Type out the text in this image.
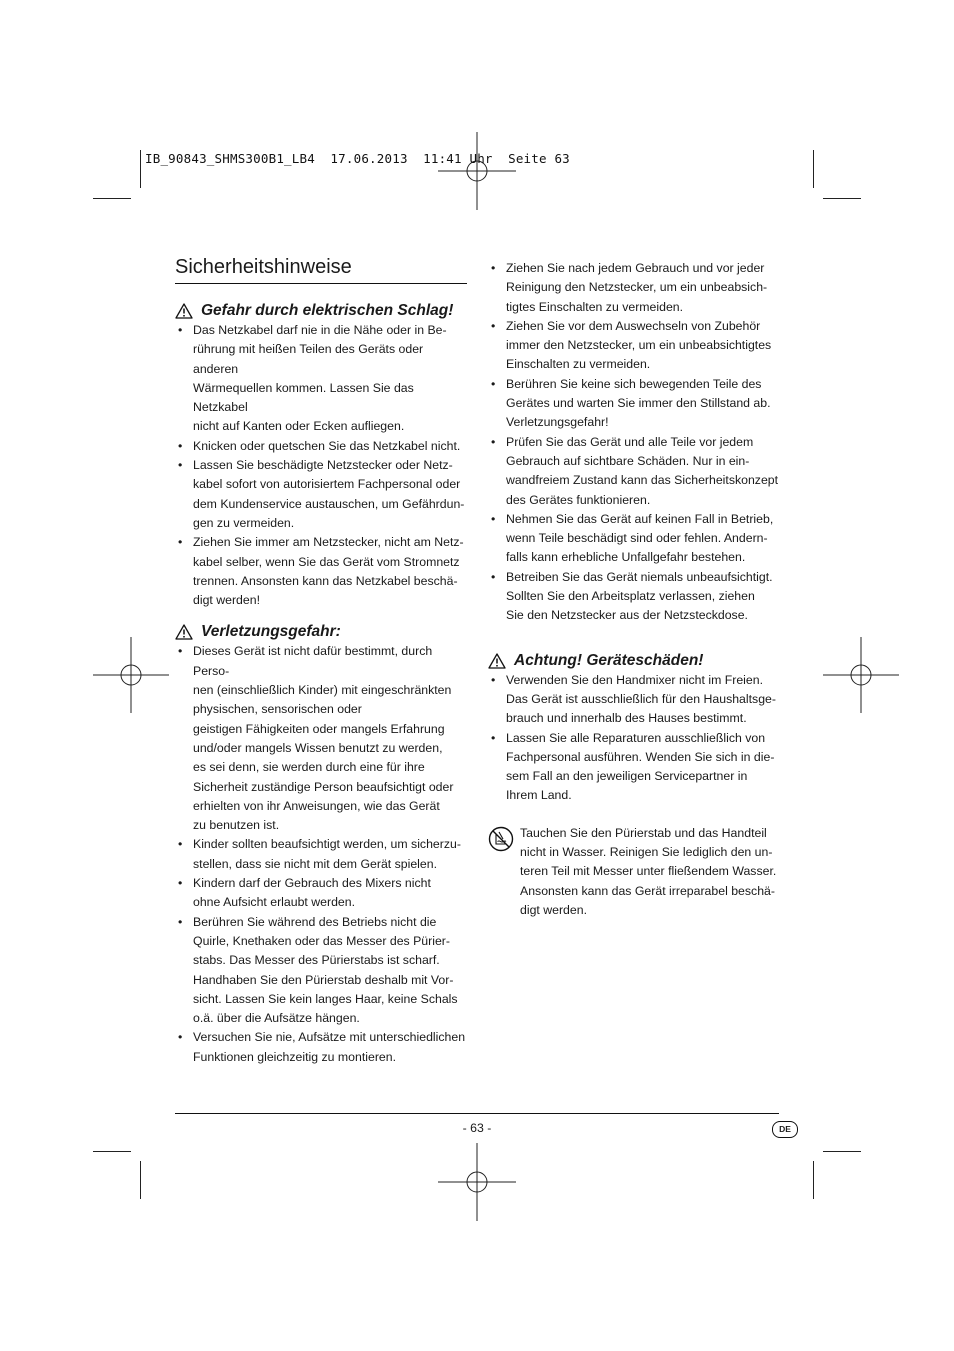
IB_90843_SHMS300B1_LB4  17.06.2013  11:41 Uhr  Seite 63
Sicherheitshinweise
Gefahr durch elektrischen Schlag!
• Das Netzkabel darf nie in die Nähe oder in Be-
rührung mit heißen Teilen des Geräts oder anderen
Wärmequellen kommen. Lassen Sie das Netzkabel
nicht auf Kanten oder Ecken aufliegen.
• Knicken oder quetschen Sie das Netzkabel nicht.
• Lassen Sie beschädigte Netzstecker oder Netz-
kabel sofort von autorisiertem Fachpersonal oder
dem Kundenservice austauschen, um Gefährdun-
gen zu vermeiden.
• Ziehen Sie immer am Netzstecker, nicht am Netz-
kabel selber, wenn Sie das Gerät vom Stromnetz
trennen. Ansonsten kann das Netzkabel beschä-
digt werden!
Verletzungsgefahr:
• Dieses Gerät ist nicht dafür bestimmt, durch Perso-
nen (einschließlich Kinder) mit eingeschränkten
physischen, sensorischen oder
geistigen Fähigkeiten oder mangels Erfahrung
und/oder mangels Wissen benutzt zu werden,
es sei denn, sie werden durch eine für ihre
Sicherheit zuständige Person beaufsichtigt oder
erhielten von ihr Anweisungen, wie das Gerät
zu benutzen ist.
• Kinder sollten beaufsichtigt werden, um sicherzu-
stellen, dass sie nicht mit dem Gerät spielen.
• Kindern darf der Gebrauch des Mixers nicht
ohne Aufsicht erlaubt werden.
• Berühren Sie während des Betriebs nicht die
Quirle, Knethaken oder das Messer des Pürier-
stabs. Das Messer des Pürierstabs ist scharf.
Handhaben Sie den Pürierstab deshalb mit Vor-
sicht. Lassen Sie kein langes Haar, keine Schals
o.ä. über die Aufsätze hängen.
• Versuchen Sie nie, Aufsätze mit unterschiedlichen
Funktionen gleichzeitig zu montieren.
• Ziehen Sie nach jedem Gebrauch und vor jeder
Reinigung den Netzstecker, um ein unbeabsich-
tigtes Einschalten zu vermeiden.
• Ziehen Sie vor dem Auswechseln von Zubehör
immer den Netzstecker, um ein unbeabsichtigtes
Einschalten zu vermeiden.
• Berühren Sie keine sich bewegenden Teile des
Gerätes und warten Sie immer den Stillstand ab.
Verletzungsgefahr!
• Prüfen Sie das Gerät und alle Teile vor jedem
Gebrauch auf sichtbare Schäden. Nur in ein-
wandfreiem Zustand kann das Sicherheitskonzept
des Gerätes funktionieren.
• Nehmen Sie das Gerät auf keinen Fall in Betrieb,
wenn Teile beschädigt sind oder fehlen. Andern-
falls kann erhebliche Unfallgefahr bestehen.
• Betreiben Sie das Gerät niemals unbeaufsichtigt.
Sollten Sie den Arbeitsplatz verlassen, ziehen
Sie den Netzstecker aus der Netzsteckdose.
Achtung! Geräteschäden!
• Verwenden Sie den Handmixer nicht im Freien.
Das Gerät ist ausschließlich für den Haushaltsge-
brauch und innerhalb des Hauses bestimmt.
• Lassen Sie alle Reparaturen ausschließlich von
Fachpersonal ausführen. Wenden Sie sich in die-
sem Fall an den jeweiligen Servicepartner in
Ihrem Land.
Tauchen Sie den Pürierstab und das Handteil
nicht in Wasser. Reinigen Sie lediglich den un-
teren Teil mit Messer unter fließendem Wasser.
Ansonsten kann das Gerät irreparabel beschä-
digt werden.
- 63 -	DE
